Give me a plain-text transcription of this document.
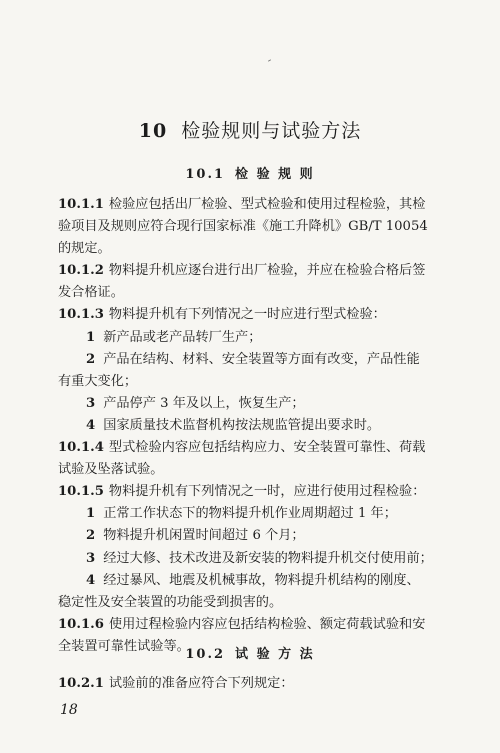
10 检验规则与试验方法
10.1 检 验 规 则
10.1.1 检验应包括出厂检验、型式检验和使用过程检验，其检
验项目及规则应符合现行国家标准《施工升降机》GB/T 10054
的规定。
10.1.2 物料提升机应逐台进行出厂检验，并应在检验合格后签
发合格证。
10.1.3 物料提升机有下列情况之一时应进行型式检验：
1 新产品或老产品转厂生产；
2 产品在结构、材料、安全装置等方面有改变，产品性能
有重大变化；
3 产品停产 3 年及以上，恢复生产；
4 国家质量技术监督机构按法规监管提出要求时。
10.1.4 型式检验内容应包括结构应力、安全装置可靠性、荷载
试验及坠落试验。
10.1.5 物料提升机有下列情况之一时，应进行使用过程检验：
1 正常工作状态下的物料提升机作业周期超过 1 年；
2 物料提升机闲置时间超过 6 个月；
3 经过大修、技术改进及新安装的物料提升机交付使用前；
4 经过暴风、地震及机械事故，物料提升机结构的刚度、
稳定性及安全装置的功能受到损害的。
10.1.6 使用过程检验内容应包括结构检验、额定荷载试验和安
全装置可靠性试验等。
10.2 试 验 方 法
10.2.1 试验前的准备应符合下列规定：
18
